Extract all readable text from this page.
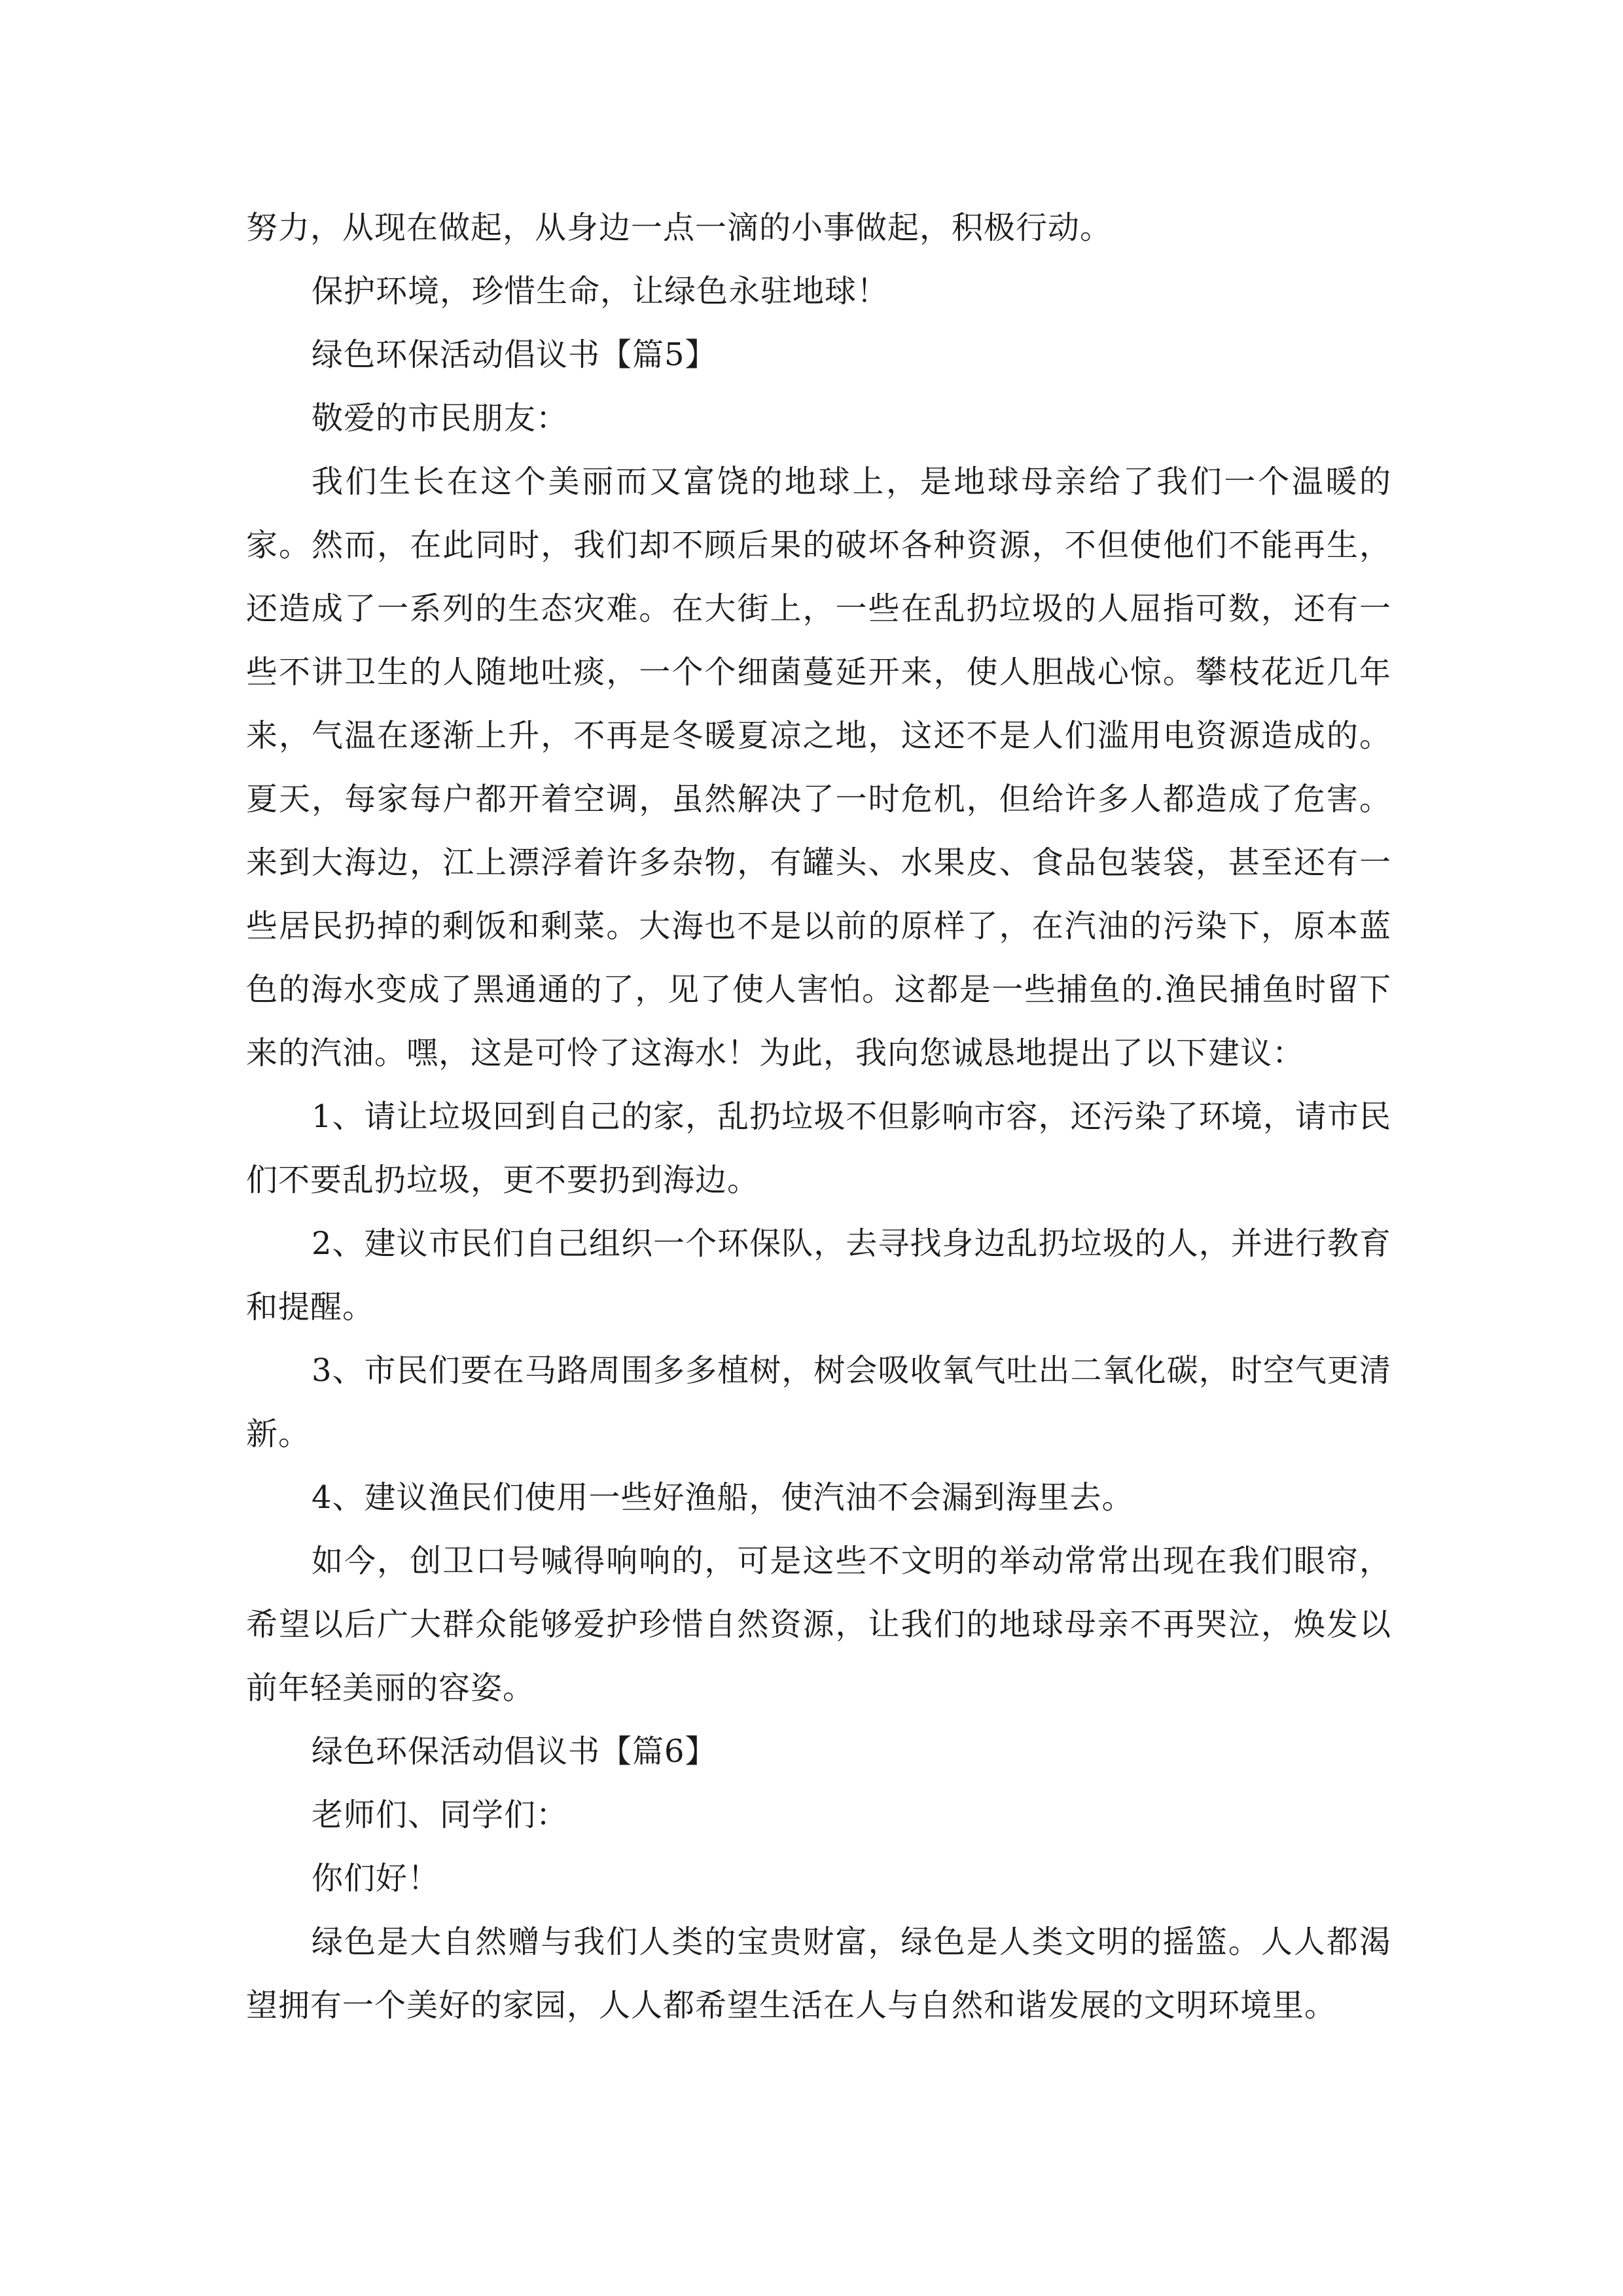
努力，从现在做起，从身边一点一滴的小事做起，积极行动。

保护环境，珍惜生命，让绿色永驻地球！

绿色环保活动倡议书【篇5】

敬爱的市民朋友：

我们生长在这个美丽而又富饶的地球上，是地球母亲给了我们一个温暖的家。然而，在此同时，我们却不顾后果的破坏各种资源，不但使他们不能再生，还造成了一系列的生态灾难。在大街上，一些在乱扔垃圾的人屈指可数，还有一些不讲卫生的人随地吐痰，一个个细菌蔓延开来，使人胆战心惊。攀枝花近几年来，气温在逐渐上升，不再是冬暖夏凉之地，这还不是人们滥用电资源造成的。夏天，每家每户都开着空调，虽然解决了一时危机，但给许多人都造成了危害。来到大海边，江上漂浮着许多杂物，有罐头、水果皮、食品包装袋，甚至还有一些居民扔掉的剩饭和剩菜。大海也不是以前的原样了，在汽油的污染下，原本蓝色的海水变成了黑通通的了，见了使人害怕。这都是一些捕鱼的.渔民捕鱼时留下来的汽油。嘿，这是可怜了这海水！为此，我向您诚恳地提出了以下建议：

1、请让垃圾回到自己的家，乱扔垃圾不但影响市容，还污染了环境，请市民们不要乱扔垃圾，更不要扔到海边。

2、建议市民们自己组织一个环保队，去寻找身边乱扔垃圾的人，并进行教育和提醒。

3、市民们要在马路周围多多植树，树会吸收氧气吐出二氧化碳，时空气更清新。

4、建议渔民们使用一些好渔船，使汽油不会漏到海里去。

如今，创卫口号喊得响响的，可是这些不文明的举动常常出现在我们眼帘，希望以后广大群众能够爱护珍惜自然资源，让我们的地球母亲不再哭泣，焕发以前年轻美丽的容姿。

绿色环保活动倡议书【篇6】

老师们、同学们：

你们好！

绿色是大自然赠与我们人类的宝贵财富，绿色是人类文明的摇篮。人人都渴望拥有一个美好的家园，人人都希望生活在人与自然和谐发展的文明环境里。
